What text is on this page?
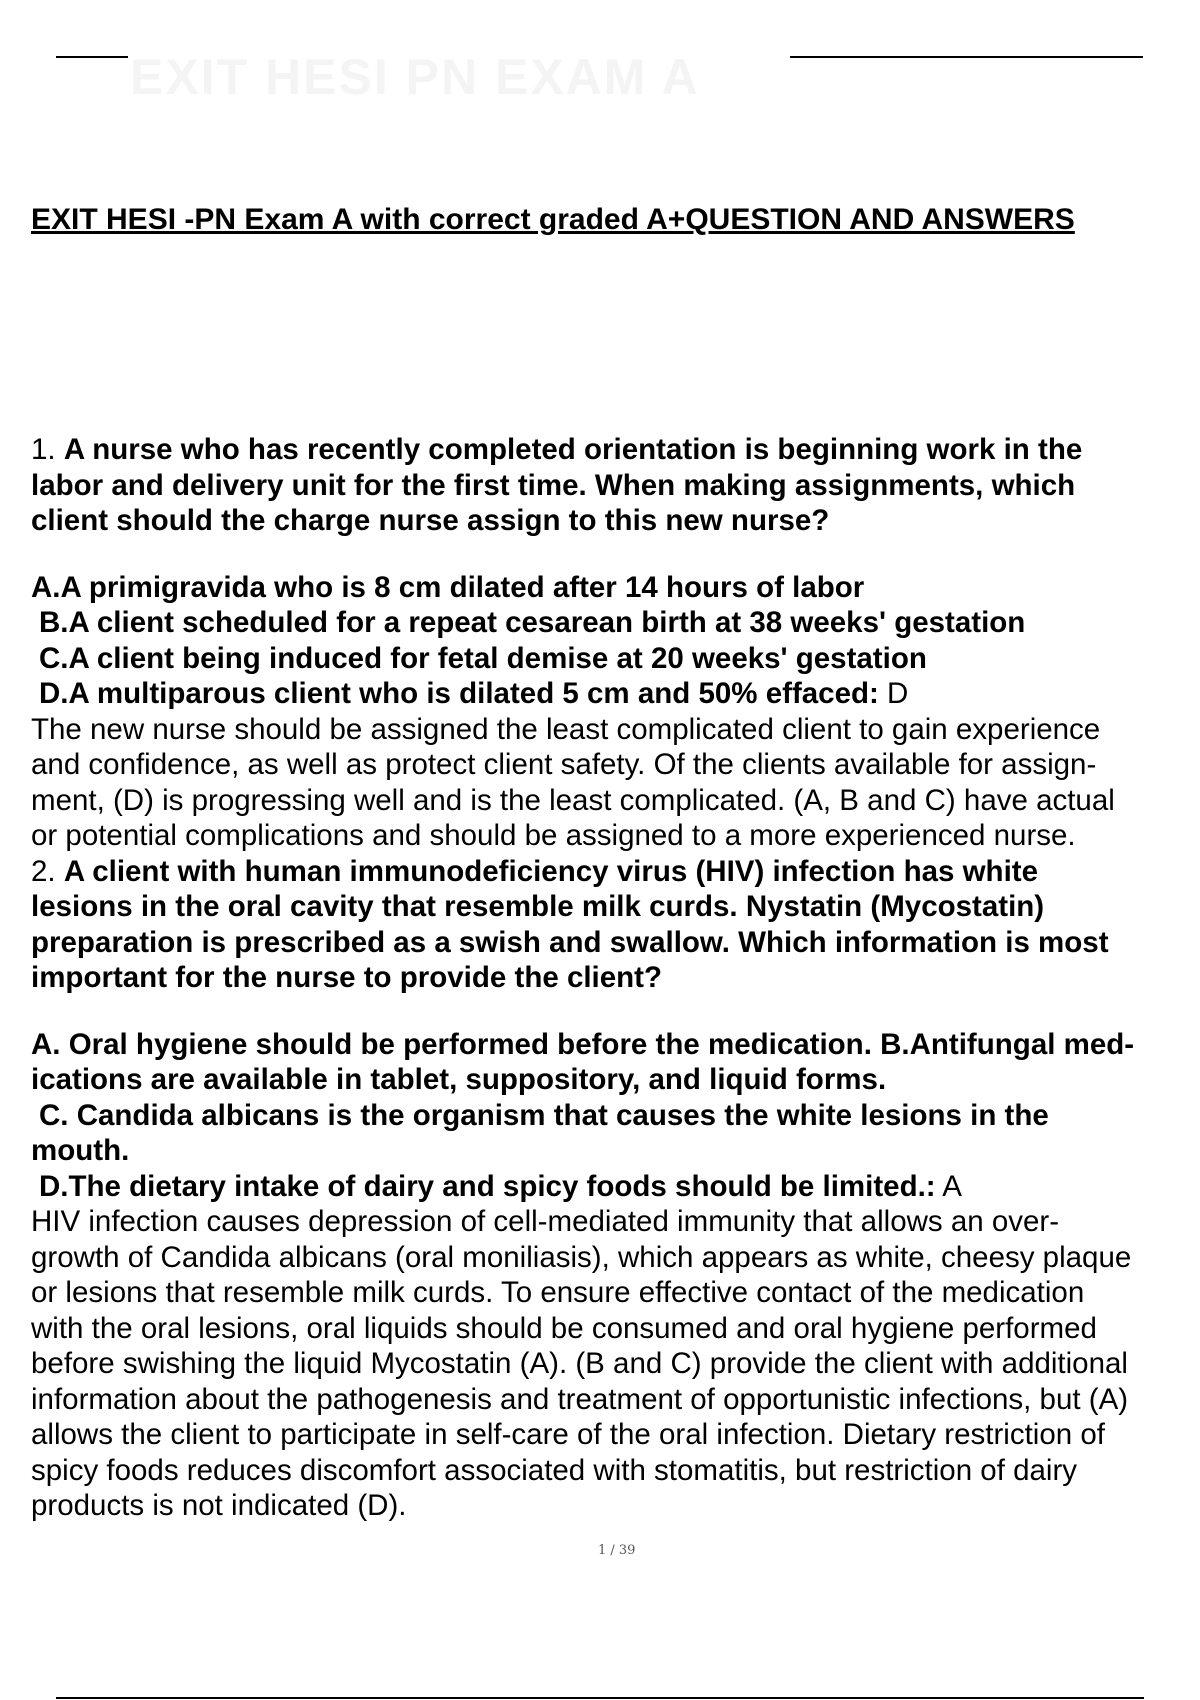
EXIT HESI PN EXAM A
EXIT HESI -PN Exam A with correct graded A+QUESTION AND ANSWERS

1. A nurse who has recently completed orientation is beginning work in the

labor and delivery unit for the first time. When making assignments, which

client should the charge nurse assign to this new nurse?

A.A primigravida who is 8 cm dilated after 14 hours of labor

B.A client scheduled for a repeat cesarean birth at 38 weeks' gestation

C.A client being induced for fetal demise at 20 weeks' gestation

D.A multiparous client who is dilated 5 cm and 50% effaced: D

The new nurse should be assigned the least complicated client to gain experience

and confidence, as well as protect client safety. Of the clients available for assign-

ment, (D) is progressing well and is the least complicated. (A, B and C) have actual

or potential complications and should be assigned to a more experienced nurse.

2. A client with human immunodeficiency virus (HIV) infection has white

lesions in the oral cavity that resemble milk curds. Nystatin (Mycostatin)

preparation is prescribed as a swish and swallow. Which information is most

important for the nurse to provide the client?

A. Oral hygiene should be performed before the medication. B.Antifungal med-

ications are available in tablet, suppository, and liquid forms.

C. Candida albicans is the organism that causes the white lesions in the

mouth.

D.The dietary intake of dairy and spicy foods should be limited.: A

HIV infection causes depression of cell-mediated immunity that allows an over-

growth of Candida albicans (oral moniliasis), which appears as white, cheesy plaque

or lesions that resemble milk curds. To ensure effective contact of the medication

with the oral lesions, oral liquids should be consumed and oral hygiene performed

before swishing the liquid Mycostatin (A). (B and C) provide the client with additional

information about the pathogenesis and treatment of opportunistic infections, but (A)

allows the client to participate in self-care of the oral infection. Dietary restriction of

spicy foods reduces discomfort associated with stomatitis, but restriction of dairy

products is not indicated (D).

1 / 39
